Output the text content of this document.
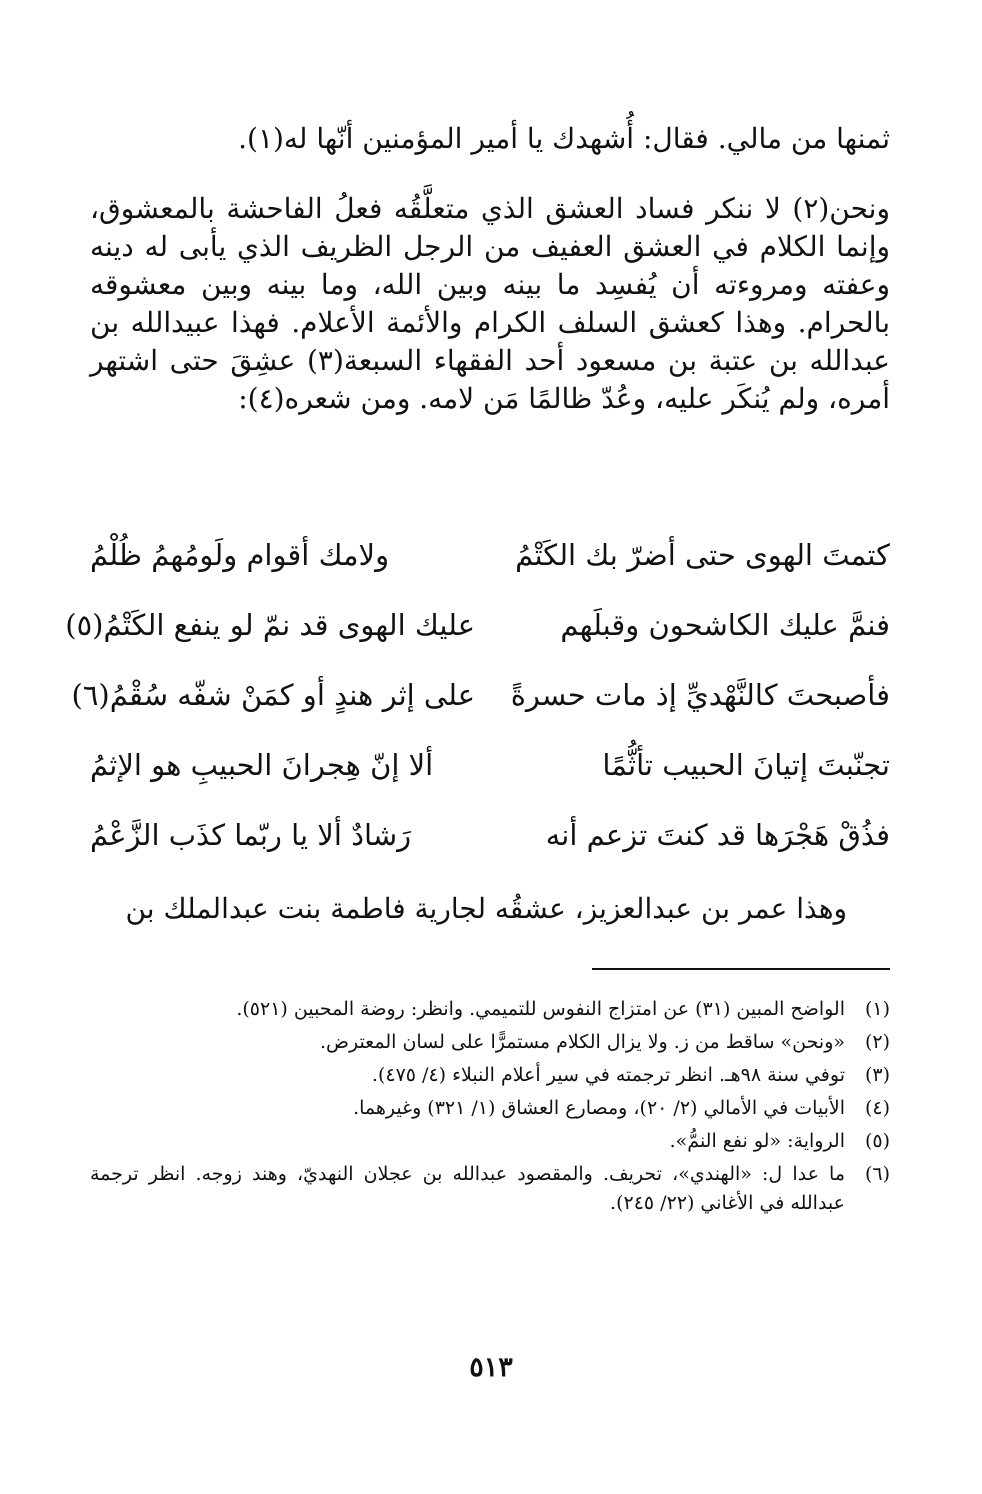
ثمنها من مالي. فقال: أُشهدك يا أمير المؤمنين أنّها له(١).

ونحن(٢) لا ننكر فساد العشق الذي متعلَّقُه فعلُ الفاحشة بالمعشوق، وإنما الكلام في العشق العفيف من الرجل الظريف الذي يأبى له دينه وعفته ومروءته أن يُفسِد ما بينه وبين الله، وما بينه وبين معشوقه بالحرام. وهذا كعشق السلف الكرام والأئمة الأعلام. فهذا عبيدالله بن عبدالله بن عتبة بن مسعود أحد الفقهاء السبعة(٣) عشِقَ حتى اشتهر أمره، ولم يُنكَر عليه، وعُدّ ظالمًا مَن لامه. ومن شعره(٤):

كتمتَ الهوى حتى أضرّ بك الكَتْمُ
ولامك أقوام ولَومُهمُ ظُلْمُ
فنمَّ عليك الكاشحون وقبلَهم
عليك الهوى قد نمّ لو ينفع الكَتْمُ(٥)
فأصبحتَ كالنَّهْديِّ إذ مات حسرةً
على إثر هندٍ أو كمَنْ شفّه سُقْمُ(٦)
تجنّبتَ إتيانَ الحبيب تأثُّمًا
ألا إنّ هِجرانَ الحبيبِ هو الإثمُ
فذُقْ هَجْرَها قد كنتَ تزعم أنه
رَشادٌ ألا يا ربّما كذَب الزَّعْمُ

وهذا عمر بن عبدالعزيز، عشقُه لجارية فاطمة بنت عبدالملك بن

(١)
الواضح المبين (٣١) عن امتزاج النفوس للتميمي. وانظر: روضة المحبين (٥٢١).
(٢)
«ونحن» ساقط من ز. ولا يزال الكلام مستمرًّا على لسان المعترض.
(٣)
توفي سنة ٩٨هـ. انظر ترجمته في سير أعلام النبلاء (٤/ ٤٧٥).
(٤)
الأبيات في الأمالي (٢/ ٢٠)، ومصارع العشاق (١/ ٣٢١) وغيرهما.
(٥)
الرواية: «لو نفع النمُّ».
(٦)
ما عدا ل: «الهندي»، تحريف. والمقصود عبدالله بن عجلان النهديّ، وهند زوجه. انظر ترجمة عبدالله في الأغاني (٢٢/ ٢٤٥).
٥١٣
